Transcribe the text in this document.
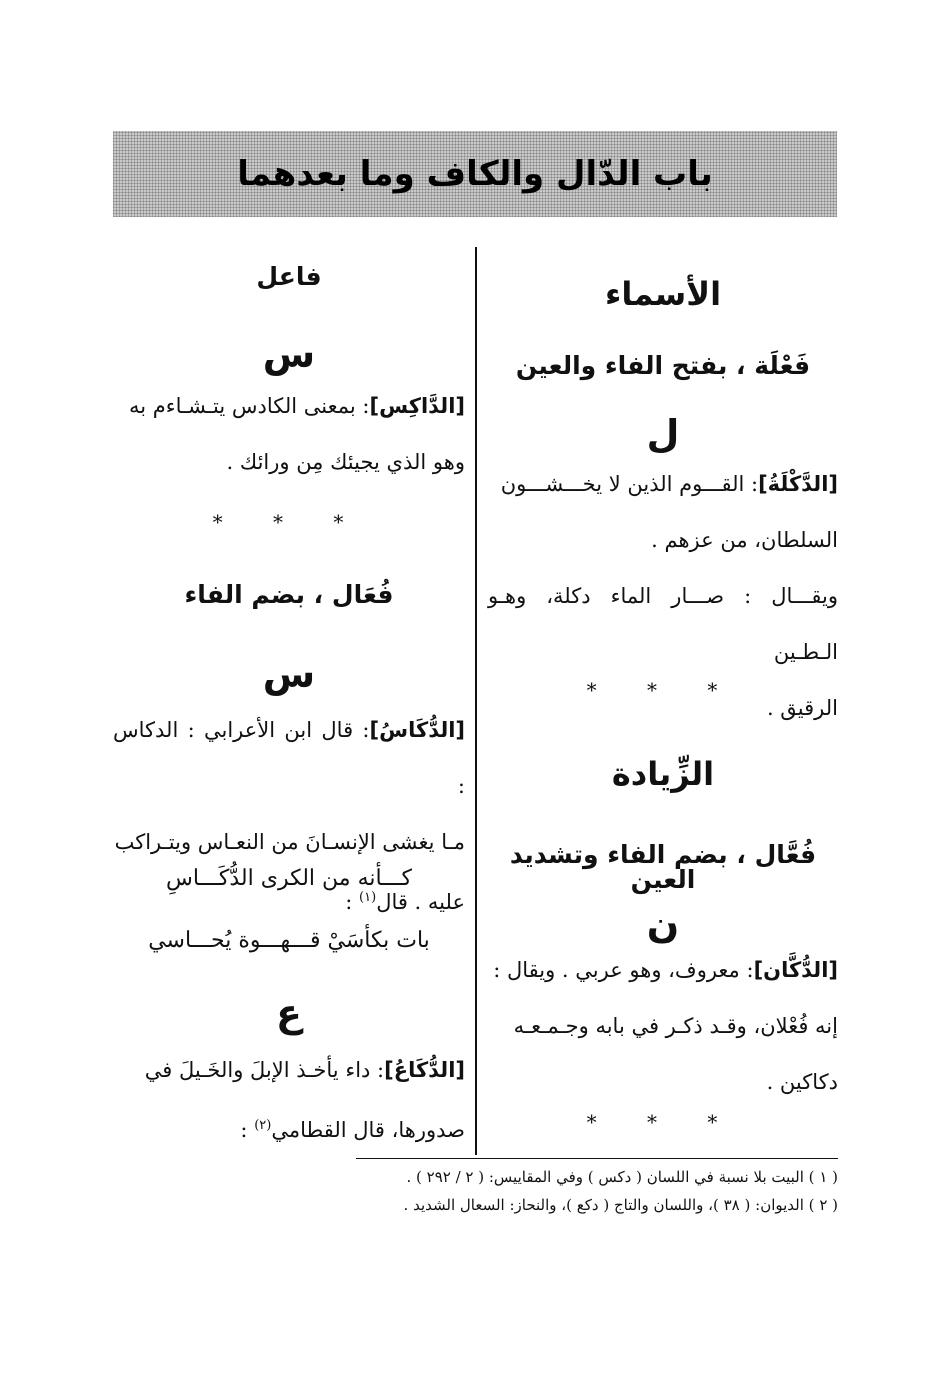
باب الدّال والكاف وما بعدهما

الأسماء

فَعْلَة ، بفتح الفاء والعين

ل

[الدَّكْلَةُ]: القـــوم الذين لا يخـــشـــون

السلطان، من عزهم .

ويقـــال : صـــار الماء دكلة، وهـو الـطـين

الرقيق .

* * *

الزِّيادة

فُعَّال ، بضم الفاء وتشديد العين

ن

[الدُّكَّان]: معروف، وهو عربي . ويقال :

إنه فُعْلان، وقـد ذكـر في بابه وجـمـعـه

دكاكين .

* * *

فاعل

س

[الدَّاكِس]: بمعنى الكادس يتـشـاءم به

وهو الذي يجيئك مِن ورائك .

* * *

فُعَال ، بضم الفاء

س

[الدُّكَاسُ]: قال ابن الأعرابي : الدكاس :

مـا يغشى الإنسـانَ من النعـاس ويتـراكب

عليه . قال$^{(١)}$ :

كـــأنه من الكرى الدُّكَـــاسِ

بات بكأسَيْ قـــهـــوة يُحـــاسي

ع

[الدُّكَاعُ]: داء يأخـذ الإبلَ والخَـيلَ في

صدورها، قال القطامي$^{(٢)}$ :

( ١ ) البيت بلا نسبة في اللسان ( دكس ) وفي المقاييس: ( ٢ / ٢٩٢ ) .

( ٢ ) الديوان: ( ٣٨ )، واللسان والتاج ( دكع )، والنحاز: السعال الشديد .
